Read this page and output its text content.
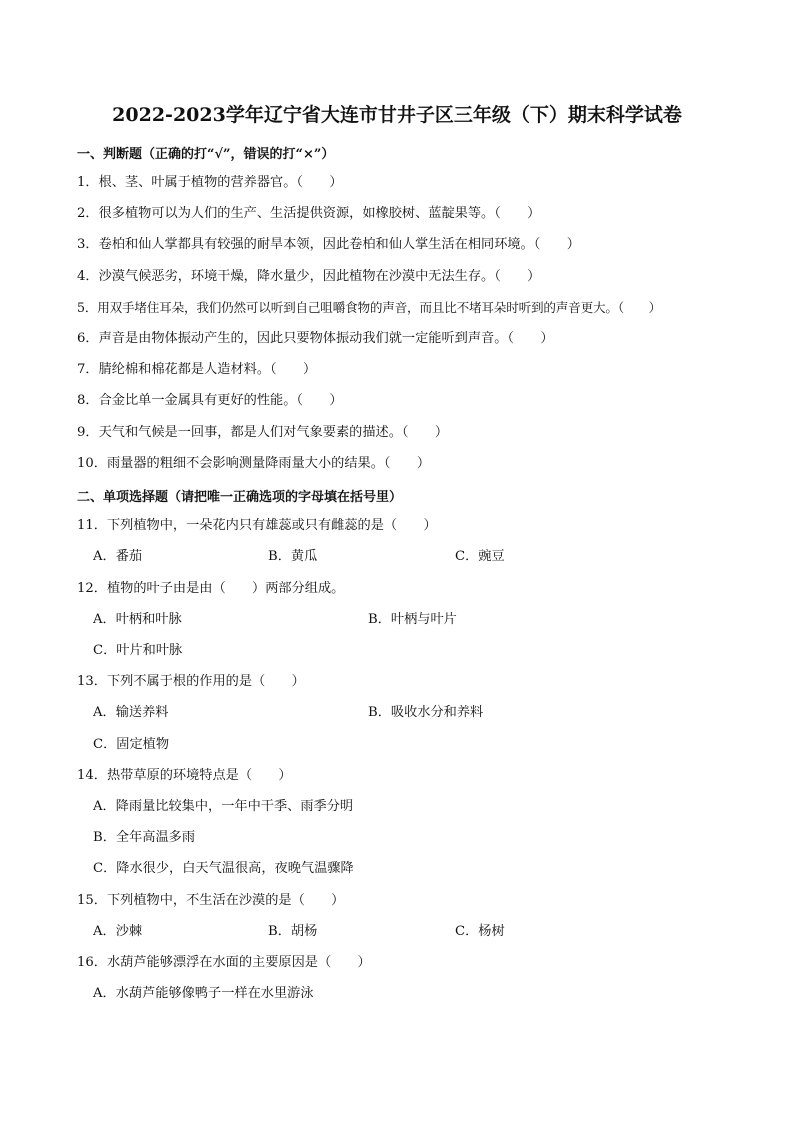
2022-2023学年辽宁省大连市甘井子区三年级（下）期末科学试卷
一、判断题（正确的打“√”，错误的打“×”）
1．根、茎、叶属于植物的营养器官。（　　）
2．很多植物可以为人们的生产、生活提供资源，如橡胶树、蓝靛果等。（　　）
3．卷柏和仙人掌都具有较强的耐旱本领，因此卷柏和仙人掌生活在相同环境。（　　）
4．沙漠气候恶劣，环境干燥，降水量少，因此植物在沙漠中无法生存。（　　）
5．用双手堵住耳朵，我们仍然可以听到自己咀嚼食物的声音，而且比不堵耳朵时听到的声音更大。（　　）
6．声音是由物体振动产生的，因此只要物体振动我们就一定能听到声音。（　　）
7．腈纶棉和棉花都是人造材料。（　　）
8．合金比单一金属具有更好的性能。（　　）
9．天气和气候是一回事，都是人们对气象要素的描述。（　　）
10．雨量器的粗细不会影响测量降雨量大小的结果。（　　）
二、单项选择题（请把唯一正确选项的字母填在括号里）
11．下列植物中，一朵花内只有雄蕊或只有雌蕊的是（　　）
A．番茄	B．黄瓜	C．豌豆
12．植物的叶子由是由（　　）两部分组成。
A．叶柄和叶脉	B．叶柄与叶片
C．叶片和叶脉
13．下列不属于根的作用的是（　　）
A．输送养料	B．吸收水分和养料
C．固定植物
14．热带草原的环境特点是（　　）
A．降雨量比较集中，一年中干季、雨季分明
B．全年高温多雨
C．降水很少，白天气温很高，夜晚气温骤降
15．下列植物中，不生活在沙漠的是（　　）
A．沙棘	B．胡杨	C．杨树
16．水葫芦能够漂浮在水面的主要原因是（　　）
A．水葫芦能够像鸭子一样在水里游泳
